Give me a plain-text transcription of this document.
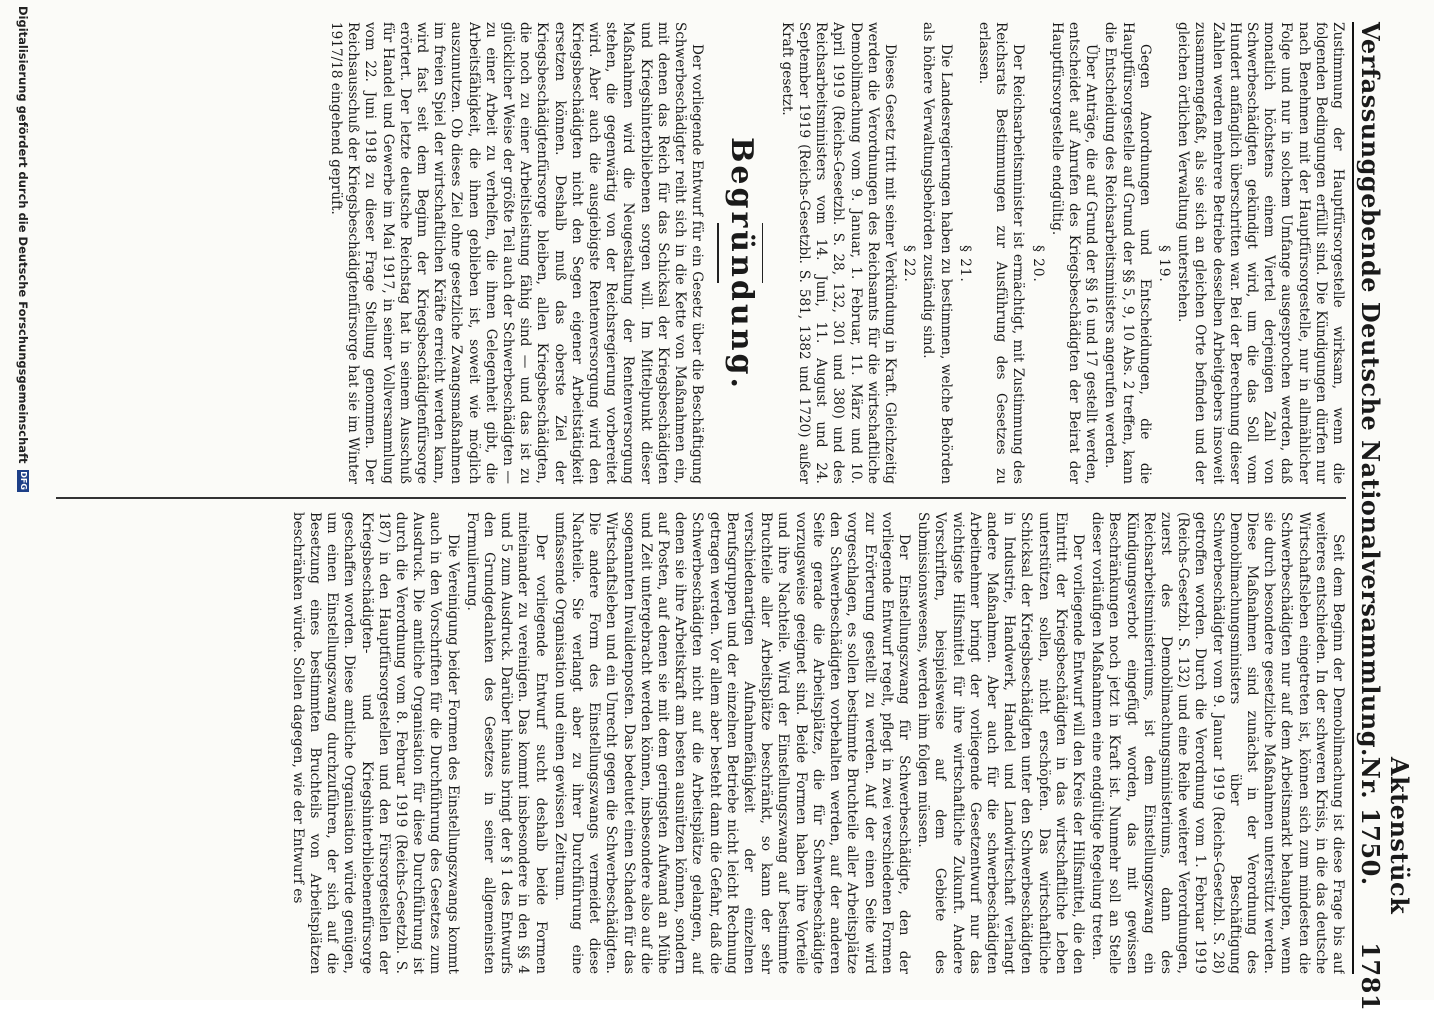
Verfassunggebende Deutsche Nationalversammlung.
Aktenstück Nr. 1750.
1781

Zustimmung der Hauptfürsorgestelle wirksam, wenn die folgenden Bedingungen erfüllt sind. Die Kündigungen dürfen nur nach Benehmen mit der Hauptfürsorgestelle, nur in allmählicher Folge und nur in solchem Umfange ausgesprochen werden, daß monatlich höchstens einem Viertel derjenigen Zahl von Schwerbeschädigten gekündigt wird, um die das Soll vom Hundert anfänglich überschritten war. Bei der Berechnung dieser Zahlen werden mehrere Betriebe desselben Arbeitgebers insoweit zusammengefaßt, als sie sich an gleichen Orte befinden und der gleichen örtlichen Verwaltung unterstehen.

§ 19.

Gegen Anordnungen und Entscheidungen, die die Hauptfürsorgestelle auf Grund der §§ 5, 9, 10 Abs. 2 treffen, kann die Entscheidung des Reichsarbeitsministers angerufen werden.

Über Anträge, die auf Grund der §§ 16 und 17 gestellt werden, entscheidet auf Anrufen des Kriegsbeschädigten der Beirat der Hauptfürsorgestelle endgültig.

§ 20.

Der Reichsarbeitsminister ist ermächtigt, mit Zustimmung des Reichsrats Bestimmungen zur Ausführung des Gesetzes zu erlassen.

§ 21.

Die Landesregierungen haben zu bestimmen, welche Behörden als höhere Verwaltungsbehörden zuständig sind.

§ 22.

Dieses Gesetz tritt mit seiner Verkündung in Kraft. Gleichzeitig werden die Verordnungen des Reichsamts für die wirtschaftliche Demobilmachung vom 9. Januar, 1. Februar, 11. März und 10. April 1919 (Reichs-Gesetzbl. S. 28, 132, 301 und 380) und des Reichsarbeitsministers vom 14. Juni, 11. August und 24. September 1919 (Reichs-Gesetzbl. S. 581, 1382 und 1720) außer Kraft gesetzt.

Begründung.

Der vorliegende Entwurf für ein Gesetz über die Beschäftigung Schwerbeschädigter reiht sich in die Kette von Maßnahmen ein, mit denen das Reich für das Schicksal der Kriegsbeschädigten und Kriegshinterbliebenen sorgen will. Im Mittelpunkt dieser Maßnahmen wird die Neugestaltung der Rentenversorgung stehen, die gegenwärtig von der Reichsregierung vorbereitet wird. Aber auch die ausgiebigste Rentenversorgung wird den Kriegsbeschädigten nicht den Segen eigener Arbeitstätigkeit ersetzen können. Deshalb muß das oberste Ziel der Kriegsbeschädigtenfürsorge bleiben, allen Kriegsbeschädigten, die noch zu einer Arbeitsleistung fähig sind — und das ist zu glücklicher Weise der größte Teil auch der Schwerbeschädigten — zu einer Arbeit zu verhelfen, die ihnen Gelegenheit gibt, die Arbeitsfähigkeit, die ihnen geblieben ist, soweit wie möglich auszunutzen. Ob dieses Ziel ohne gesetzliche Zwangsmaßnahmen im freien Spiel der wirtschaftlichen Kräfte erreicht werden kann, wird fast seit dem Beginn der Kriegsbeschädigtenfürsorge erörtert. Der letzte deutsche Reichstag hat in seinem Ausschuß für Handel und Gewerbe im Mai 1917, in seiner Vollversammlung vom 22. Juni 1918 zu dieser Frage Stellung genommen. Der Reichsausschuß der Kriegsbeschädigtenfürsorge hat sie im Winter 1917/18 eingehend geprüft.

Seit dem Beginn der Demobilmachung ist diese Frage bis auf weiteres entschieden. In der schweren Krisis, in die das deutsche Wirtschaftsleben eingetreten ist, können sich zum mindesten die Schwerbeschädigten nur auf dem Arbeitsmarkt behaupten, wenn sie durch besondere gesetzliche Maßnahmen unterstützt werden. Diese Maßnahmen sind zunächst in der Verordnung des Demobilmachungsministers über Beschäftigung Schwerbeschädigter vom 9. Januar 1919 (Reichs-Gesetzbl. S. 28) getroffen worden. Durch die Verordnung vom 1. Februar 1919 (Reichs-Gesetzbl. S. 132) und eine Reihe weiterer Verordnungen, zuerst des Demobilmachungsministeriums, dann des Reichsarbeitsministeriums, ist dem Einstellungszwang ein Kündigungsverbot eingefügt worden, das mit gewissen Beschränkungen noch jetzt in Kraft ist. Nunmehr soll an Stelle dieser vorläufigen Maßnahmen eine endgültige Regelung treten.

Der vorliegende Entwurf will den Kreis der Hilfsmittel, die den Eintritt der Kriegsbeschädigten in das wirtschaftliche Leben unterstützen sollen, nicht erschöpfen. Das wirtschaftliche Schicksal der Kriegsbeschädigten unter den Schwerbeschädigten in Industrie, Handwerk, Handel und Landwirtschaft verlangt andere Maßnahmen. Aber auch für die schwerbeschädigten Arbeitnehmer bringt der vorliegende Gesetzentwurf nur das wichtigste Hilfsmittel für ihre wirtschaftliche Zukunft. Andere Vorschriften, beispielsweise auf dem Gebiete des Submissionswesens, werden ihm folgen müssen.

Der Einstellungszwang für Schwerbeschädigte, den der vorliegende Entwurf regelt, pflegt in zwei verschiedenen Formen zur Erörterung gestellt zu werden. Auf der einen Seite wird vorgeschlagen, es sollen bestimmte Bruchteile aller Arbeitsplätze den Schwerbeschädigten vorbehalten werden, auf der anderen Seite gerade die Arbeitsplätze, die für Schwerbeschädigte vorzugsweise geeignet sind. Beide Formen haben ihre Vorteile und ihre Nachteile. Wird der Einstellungszwang auf bestimmte Bruchteile aller Arbeitsplätze beschränkt, so kann der sehr verschiedenartigen Aufnahmefähigkeit der einzelnen Berufsgruppen und der einzelnen Betriebe nicht leicht Rechnung getragen werden. Vor allem aber besteht dann die Gefahr, daß die Schwerbeschädigten nicht auf die Arbeitsplätze gelangen, auf denen sie ihre Arbeitskraft am besten ausnützen können, sondern auf Posten, auf denen sie mit dem geringsten Aufwand an Mühe und Zeit untergebracht werden können, insbesondere also auf die sogenannten Invalidenposten. Das bedeutet einen Schaden für das Wirtschaftsleben und ein Unrecht gegen die Schwerbeschädigten. Die andere Form des Einstellungszwangs vermeidet diese Nachteile. Sie verlangt aber zu ihrer Durchführung eine umfassende Organisation und einen gewissen Zeitraum.

Der vorliegende Entwurf sucht deshalb beide Formen miteinander zu vereinigen. Das kommt insbesondere in den §§ 4 und 5 zum Ausdruck. Darüber hinaus bringt der § 1 des Entwurfs den Grundgedanken des Gesetzes in seiner allgemeinsten Formulierung.

Die Vereinigung beider Formen des Einstellungszwangs kommt auch in den Vorschriften für die Durchführung des Gesetzes zum Ausdruck. Die amtliche Organisation für diese Durchführung ist durch die Verordnung vom 8. Februar 1919 (Reichs-Gesetzbl. S. 187) in den Hauptfürsorgestellen und den Fürsorgestellen der Kriegsbeschädigten- und Kriegshinterbliebenenfürsorge geschaffen worden. Diese amtliche Organisation würde genügen, um einen Einstellungszwang durchzuführen, der sich auf die Besetzung eines bestimmten Bruchteils von Arbeitsplätzen beschränken würde. Sollen dagegen, wie der Entwurf es

Digitalisierung gefördert durch die Deutsche Forschungsgemeinschaft
DFG
